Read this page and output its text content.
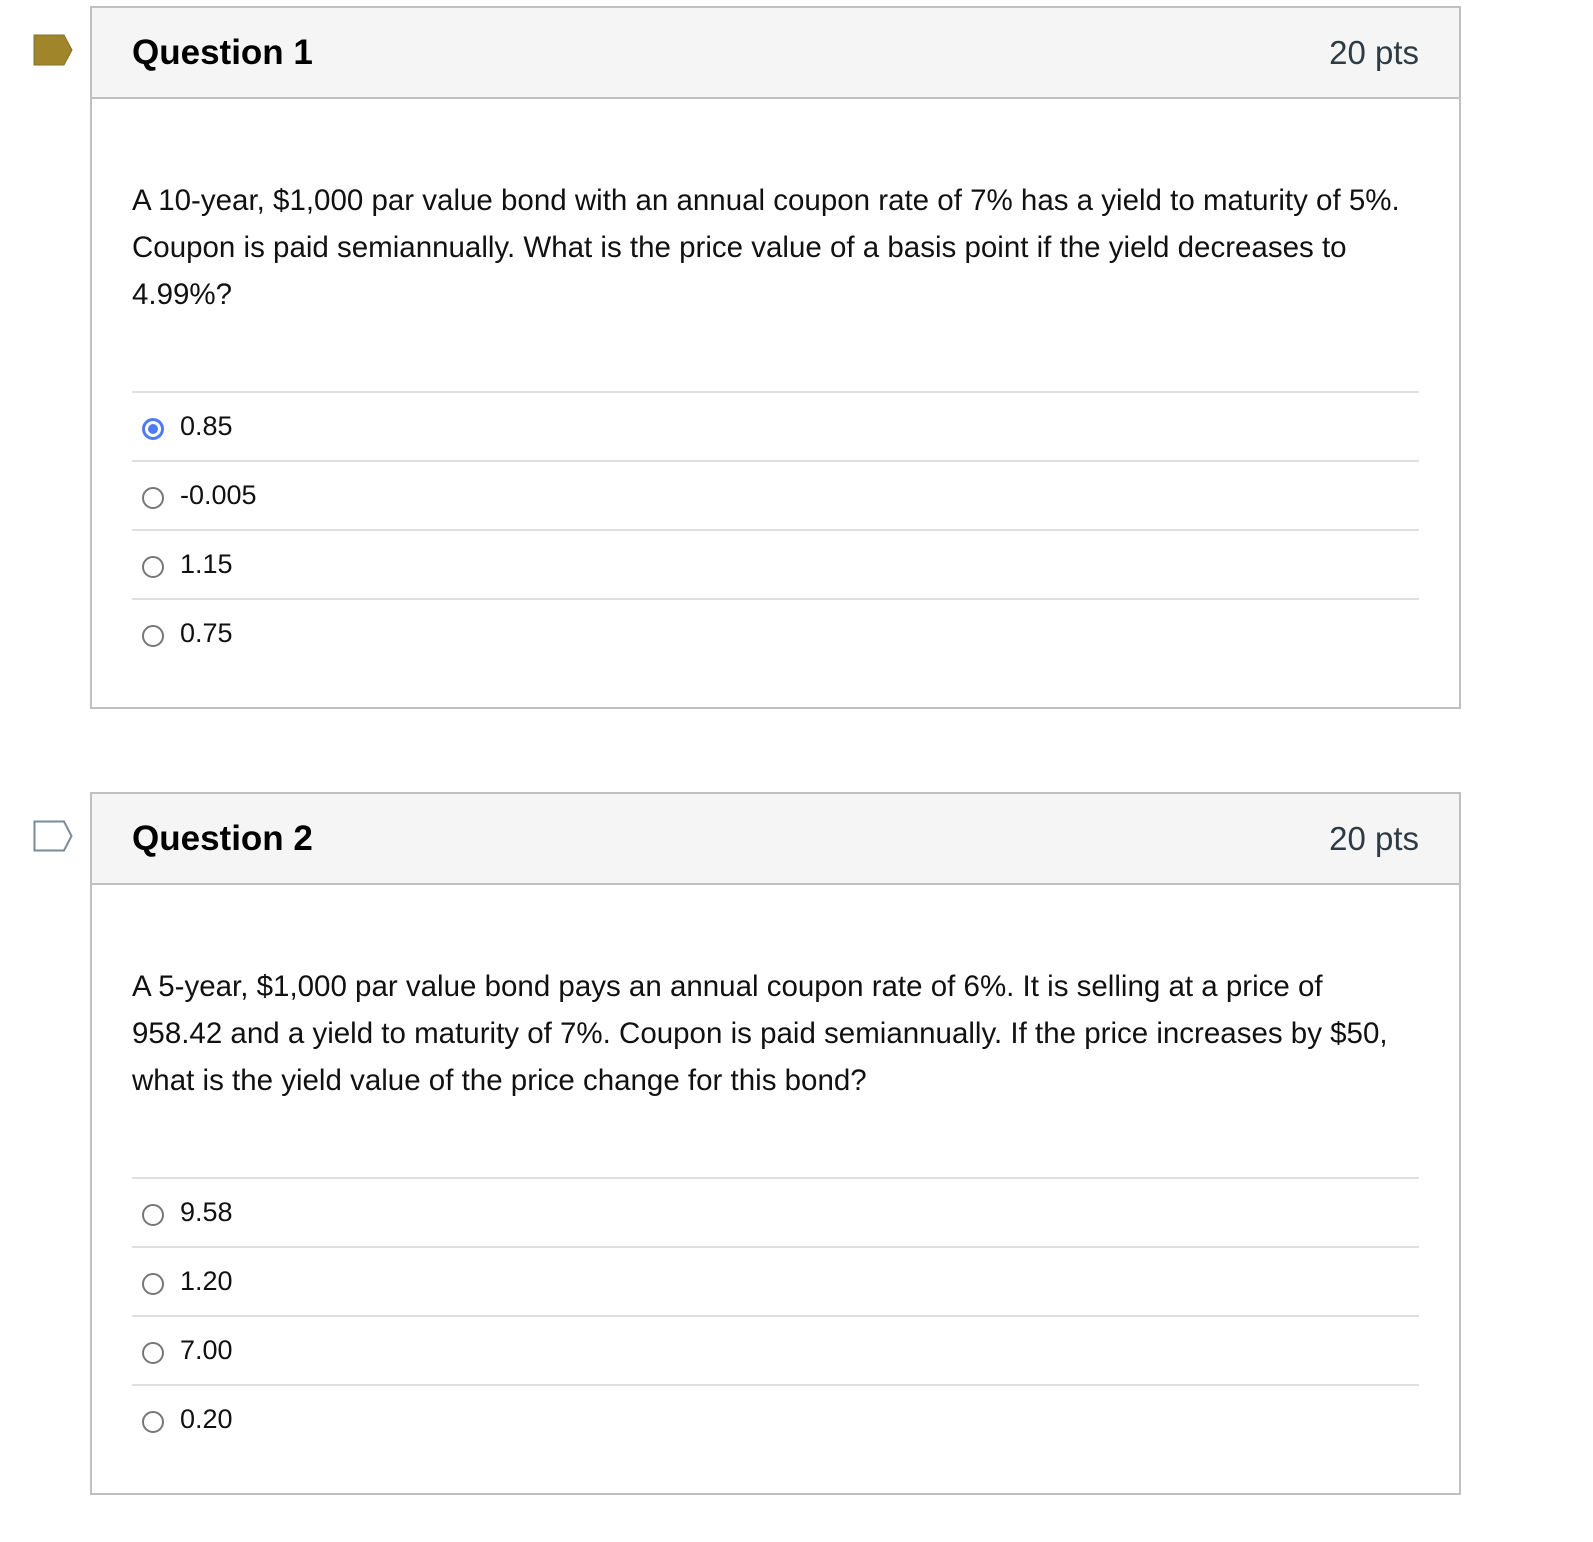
Question 1	20 pts
A 10-year, $1,000 par value bond with an annual coupon rate of 7% has a yield to maturity of 5%. Coupon is paid semiannually. What is the price value of a basis point if the yield decreases to 4.99%?
0.85
-0.005
1.15
0.75
Question 2	20 pts
A 5-year, $1,000 par value bond pays an annual coupon rate of 6%. It is selling at a price of 958.42 and a yield to maturity of 7%. Coupon is paid semiannually. If the price increases by $50, what is the yield value of the price change for this bond?
9.58
1.20
7.00
0.20
